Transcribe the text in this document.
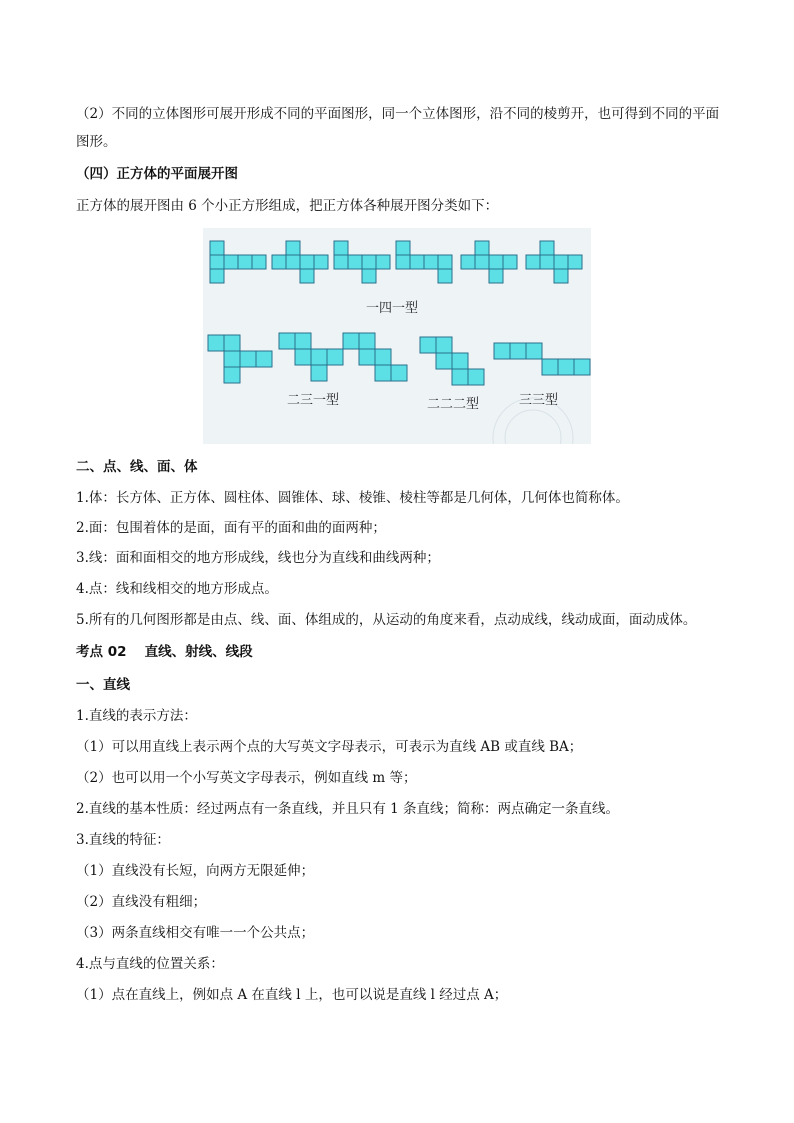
（2）不同的立体图形可展开形成不同的平面图形，同一个立体图形，沿不同的棱剪开，也可得到不同的平面图形。
（四）正方体的平面展开图
正方体的展开图由 6 个小正方形组成，把正方体各种展开图分类如下：
一四一型
二三一型	二二二型	三三型
二、点、线、面、体
1.体：长方体、正方体、圆柱体、圆锥体、球、棱锥、棱柱等都是几何体，几何体也简称体。
2.面：包围着体的是面，面有平的面和曲的面两种；
3.线：面和面相交的地方形成线，线也分为直线和曲线两种；
4.点：线和线相交的地方形成点。
5.所有的几何图形都是由点、线、面、体组成的，从运动的角度来看，点动成线，线动成面，面动成体。
考点 02　 直线、射线、线段
一、直线
1.直线的表示方法：
（1）可以用直线上表示两个点的大写英文字母表示，可表示为直线 AB 或直线 BA；
（2）也可以用一个小写英文字母表示，例如直线 m 等；
2.直线的基本性质：经过两点有一条直线，并且只有 1 条直线；简称：两点确定一条直线。
3.直线的特征：
（1）直线没有长短，向两方无限延伸；
（2）直线没有粗细；
（3）两条直线相交有唯一一个公共点；
4.点与直线的位置关系：
（1）点在直线上，例如点 A 在直线 l 上，也可以说是直线 l 经过点 A；
